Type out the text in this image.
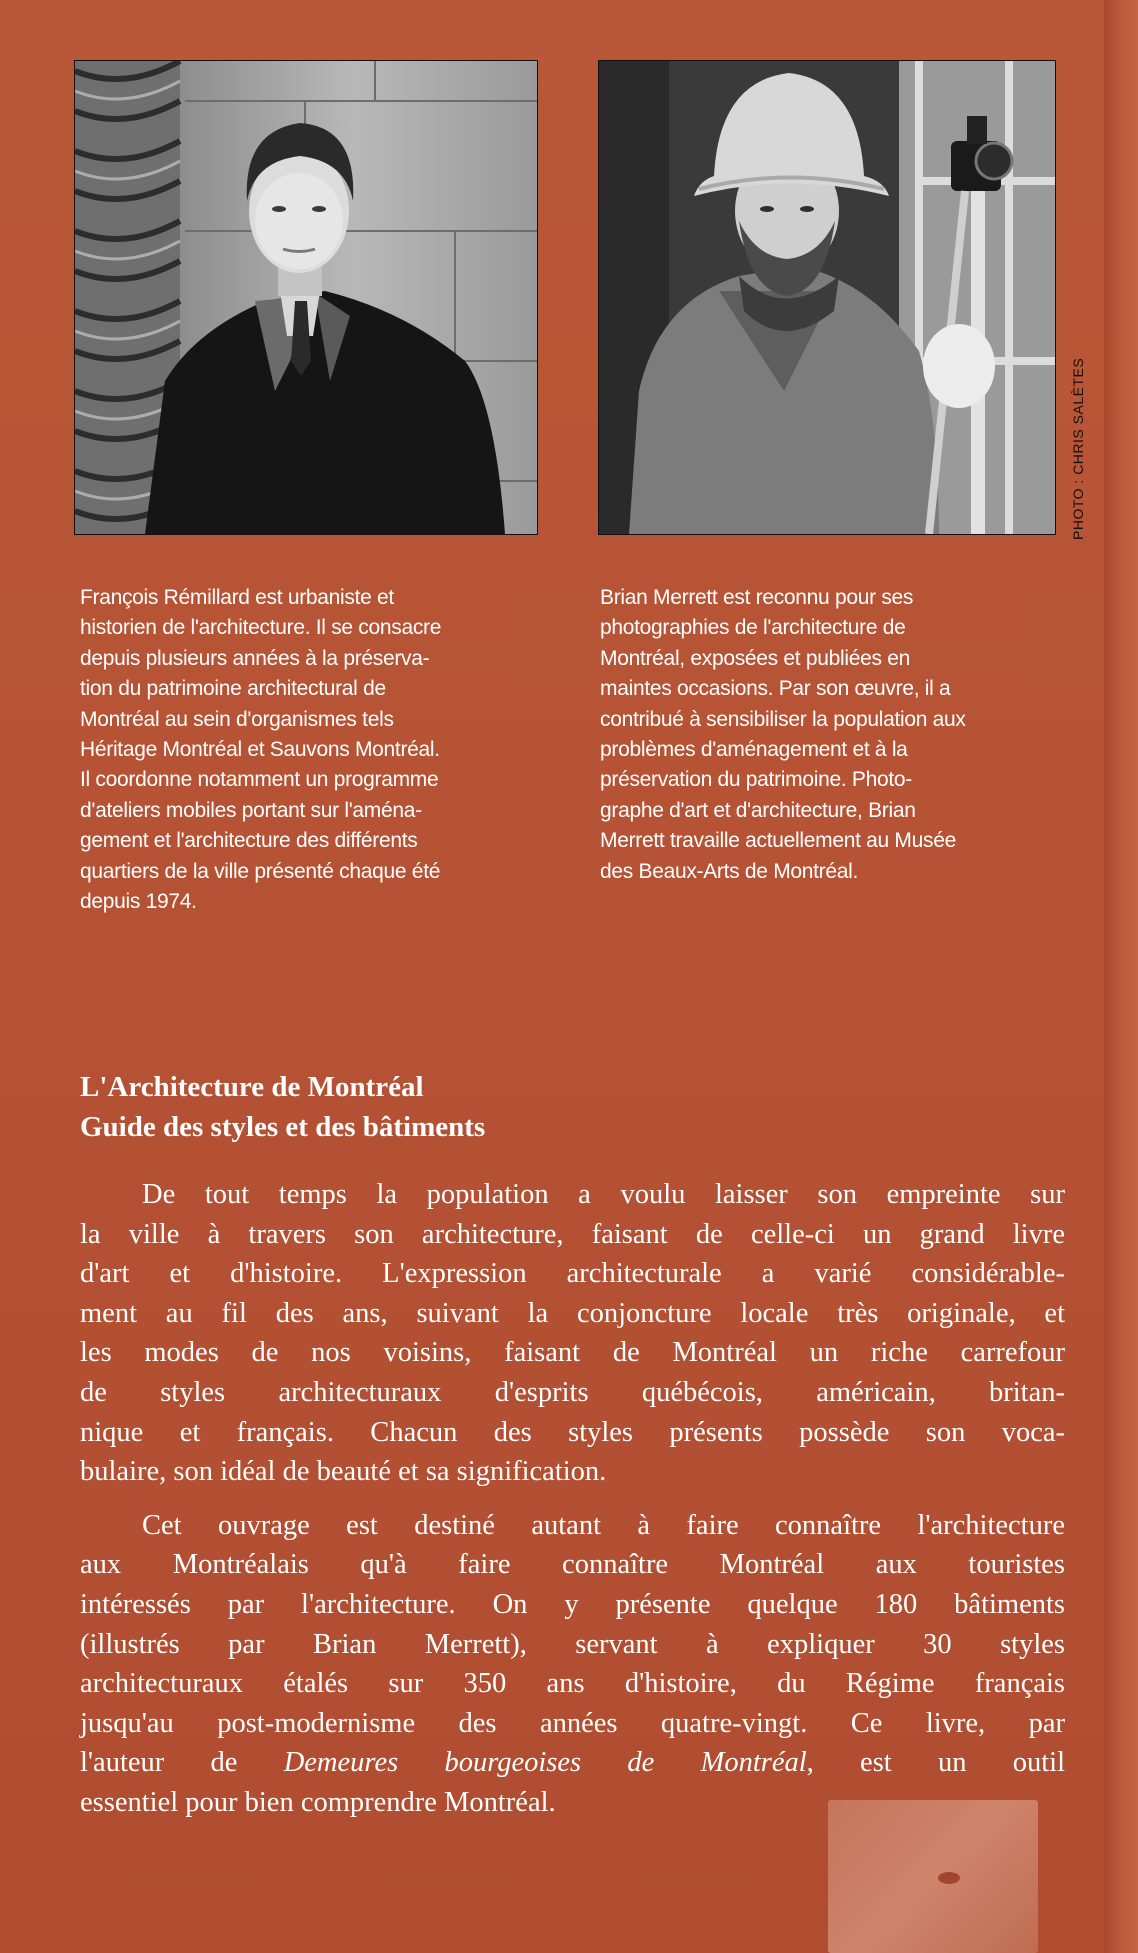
PHOTO : CHRIS SALÈTES
François Rémillard est urbaniste et
historien de l'architecture. Il se consacre
depuis plusieurs années à la préserva-
tion du patrimoine architectural de
Montréal au sein d'organismes tels
Héritage Montréal et Sauvons Montréal.
Il coordonne notamment un programme
d'ateliers mobiles portant sur l'aména-
gement et l'architecture des différents
quartiers de la ville présenté chaque été
depuis 1974.
Brian Merrett est reconnu pour ses
photographies de l'architecture de
Montréal, exposées et publiées en
maintes occasions. Par son œuvre, il a
contribué à sensibiliser la population aux
problèmes d'aménagement et à la
préservation du patrimoine. Photo-
graphe d'art et d'architecture, Brian
Merrett travaille actuellement au Musée
des Beaux-Arts de Montréal.
L'Architecture de Montréal
Guide des styles et des bâtiments
De tout temps la population a voulu laisser son empreinte sur
la ville à travers son architecture, faisant de celle-ci un grand livre
d'art et d'histoire. L'expression architecturale a varié considérable-
ment au fil des ans, suivant la conjoncture locale très originale, et
les modes de nos voisins, faisant de Montréal un riche carrefour
de styles architecturaux d'esprits québécois, américain, britan-
nique et français. Chacun des styles présents possède son voca-
bulaire, son idéal de beauté et sa signification.
Cet ouvrage est destiné autant à faire connaître l'architecture
aux Montréalais qu'à faire connaître Montréal aux touristes
intéressés par l'architecture. On y présente quelque 180 bâtiments
(illustrés par Brian Merrett), servant à expliquer 30 styles
architecturaux étalés sur 350 ans d'histoire, du Régime français
jusqu'au post-modernisme des années quatre-vingt. Ce livre, par
l'auteur de Demeures bourgeoises de Montréal, est un outil
essentiel pour bien comprendre Montréal.
